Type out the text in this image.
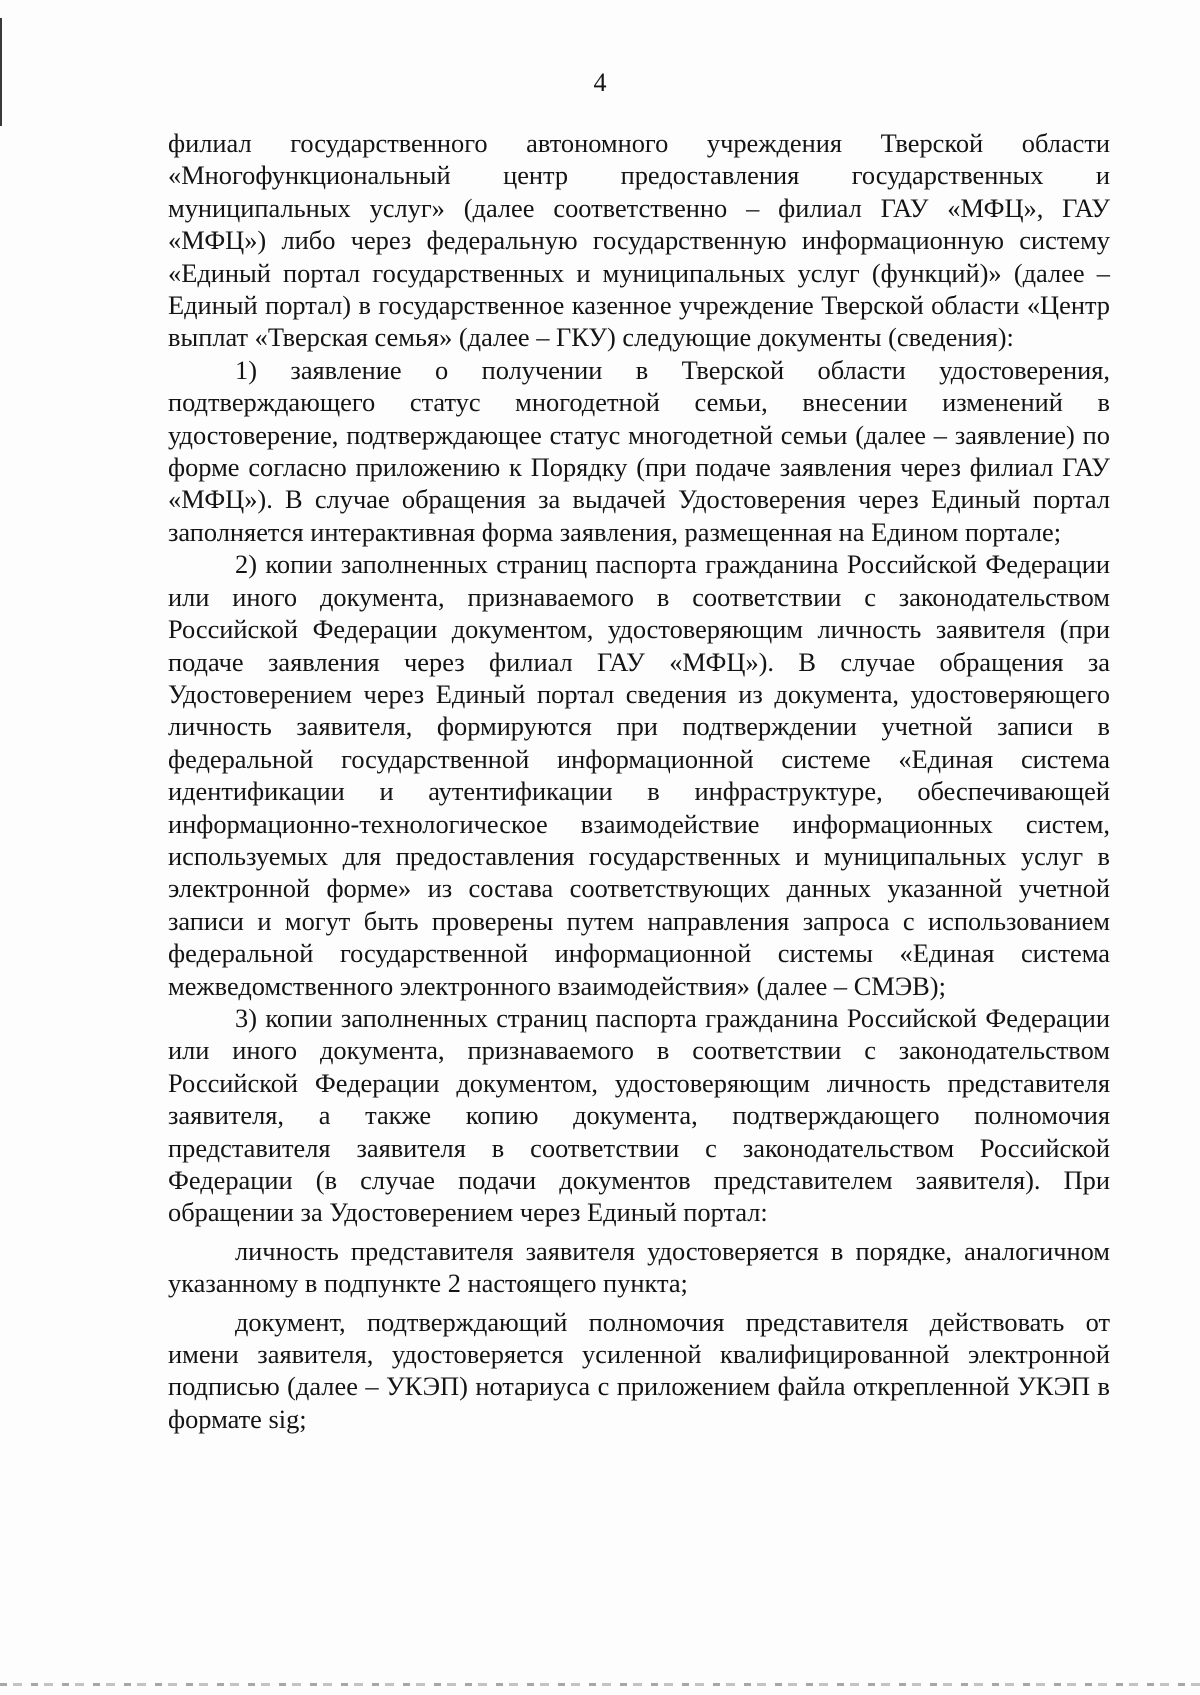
4

филиал государственного автономного учреждения Тверской области «Многофункциональный центр предоставления государственных и муниципальных услуг» (далее соответственно – филиал ГАУ «МФЦ», ГАУ «МФЦ») либо через федеральную государственную информационную систему «Единый портал государственных и муниципальных услуг (функций)» (далее – Единый портал) в государственное казенное учреждение Тверской области «Центр выплат «Тверская семья» (далее – ГКУ) следующие документы (сведения):

1) заявление о получении в Тверской области удостоверения, подтверждающего статус многодетной семьи, внесении изменений в удостоверение, подтверждающее статус многодетной семьи (далее – заявление) по форме согласно приложению к Порядку (при подаче заявления через филиал ГАУ «МФЦ»). В случае обращения за выдачей Удостоверения через Единый портал заполняется интерактивная форма заявления, размещенная на Едином портале;

2) копии заполненных страниц паспорта гражданина Российской Федерации или иного документа, признаваемого в соответствии с законодательством Российской Федерации документом, удостоверяющим личность заявителя (при подаче заявления через филиал ГАУ «МФЦ»). В случае обращения за Удостоверением через Единый портал сведения из документа, удостоверяющего личность заявителя, формируются при подтверждении учетной записи в федеральной государственной информационной системе «Единая система идентификации и аутентификации в инфраструктуре, обеспечивающей информационно-технологическое взаимодействие информационных систем, используемых для предоставления государственных и муниципальных услуг в электронной форме» из состава соответствующих данных указанной учетной записи и могут быть проверены путем направления запроса с использованием федеральной государственной информационной системы «Единая система межведомственного электронного взаимодействия» (далее – СМЭВ);

3) копии заполненных страниц паспорта гражданина Российской Федерации или иного документа, признаваемого в соответствии с законодательством Российской Федерации документом, удостоверяющим личность представителя заявителя, а также копию документа, подтверждающего полномочия представителя заявителя в соответствии с законодательством Российской Федерации (в случае подачи документов представителем заявителя). При обращении за Удостоверением через Единый портал:

личность представителя заявителя удостоверяется в порядке, аналогичном указанному в подпункте 2 настоящего пункта;

документ, подтверждающий полномочия представителя действовать от имени заявителя, удостоверяется усиленной квалифицированной электронной подписью (далее – УКЭП) нотариуса с приложением файла открепленной УКЭП в формате sig;
